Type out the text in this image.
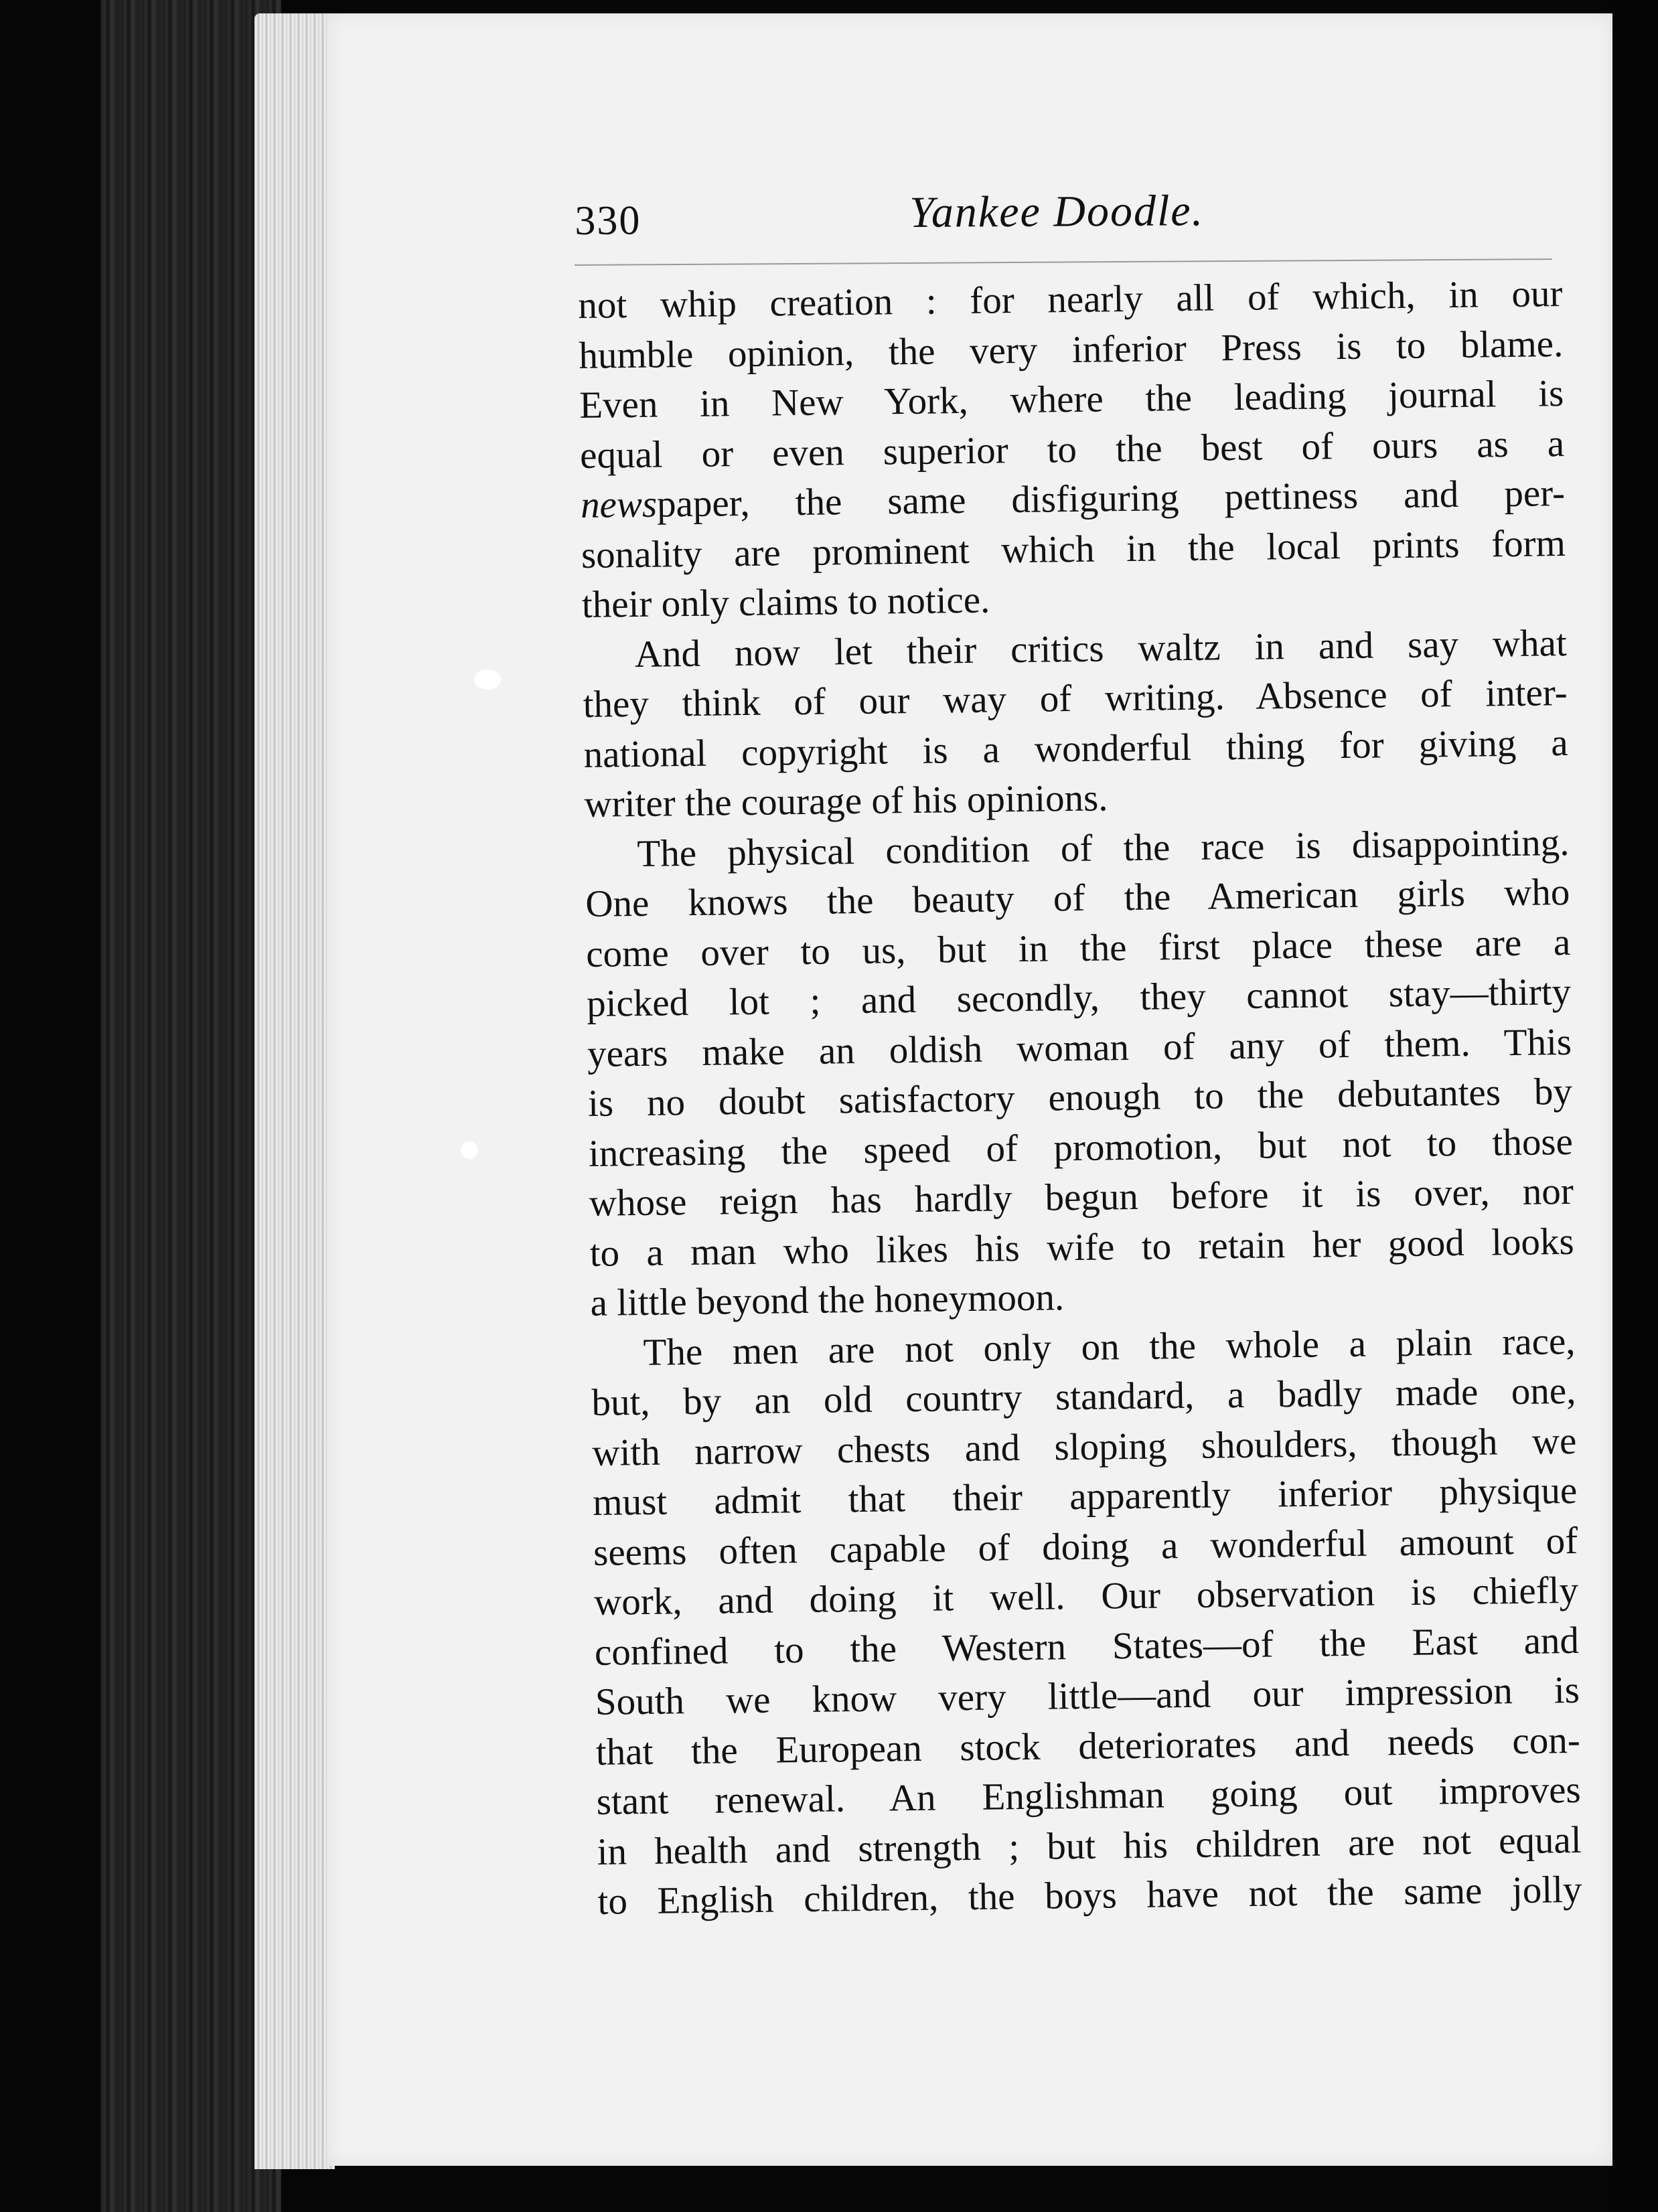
330	Yankee Doodle.
not whip creation : for nearly all of which, in our
humble opinion, the very inferior Press is to blame.
Even in New York, where the leading journal is
equal or even superior to the best of ours as a
newspaper, the same disfiguring pettiness and per-
sonality are prominent which in the local prints form
their only claims to notice.
And now let their critics waltz in and say what
they think of our way of writing. Absence of inter-
national copyright is a wonderful thing for giving a
writer the courage of his opinions.
The physical condition of the race is disappointing.
One knows the beauty of the American girls who
come over to us, but in the first place these are a
picked lot ; and secondly, they cannot stay—thirty
years make an oldish woman of any of them. This
is no doubt satisfactory enough to the debutantes by
increasing the speed of promotion, but not to those
whose reign has hardly begun before it is over, nor
to a man who likes his wife to retain her good looks
a little beyond the honeymoon.
The men are not only on the whole a plain race,
but, by an old country standard, a badly made one,
with narrow chests and sloping shoulders, though we
must admit that their apparently inferior physique
seems often capable of doing a wonderful amount of
work, and doing it well. Our observation is chiefly
confined to the Western States—of the East and
South we know very little—and our impression is
that the European stock deteriorates and needs con-
stant renewal. An Englishman going out improves
in health and strength ; but his children are not equal
to English children, the boys have not the same jolly
